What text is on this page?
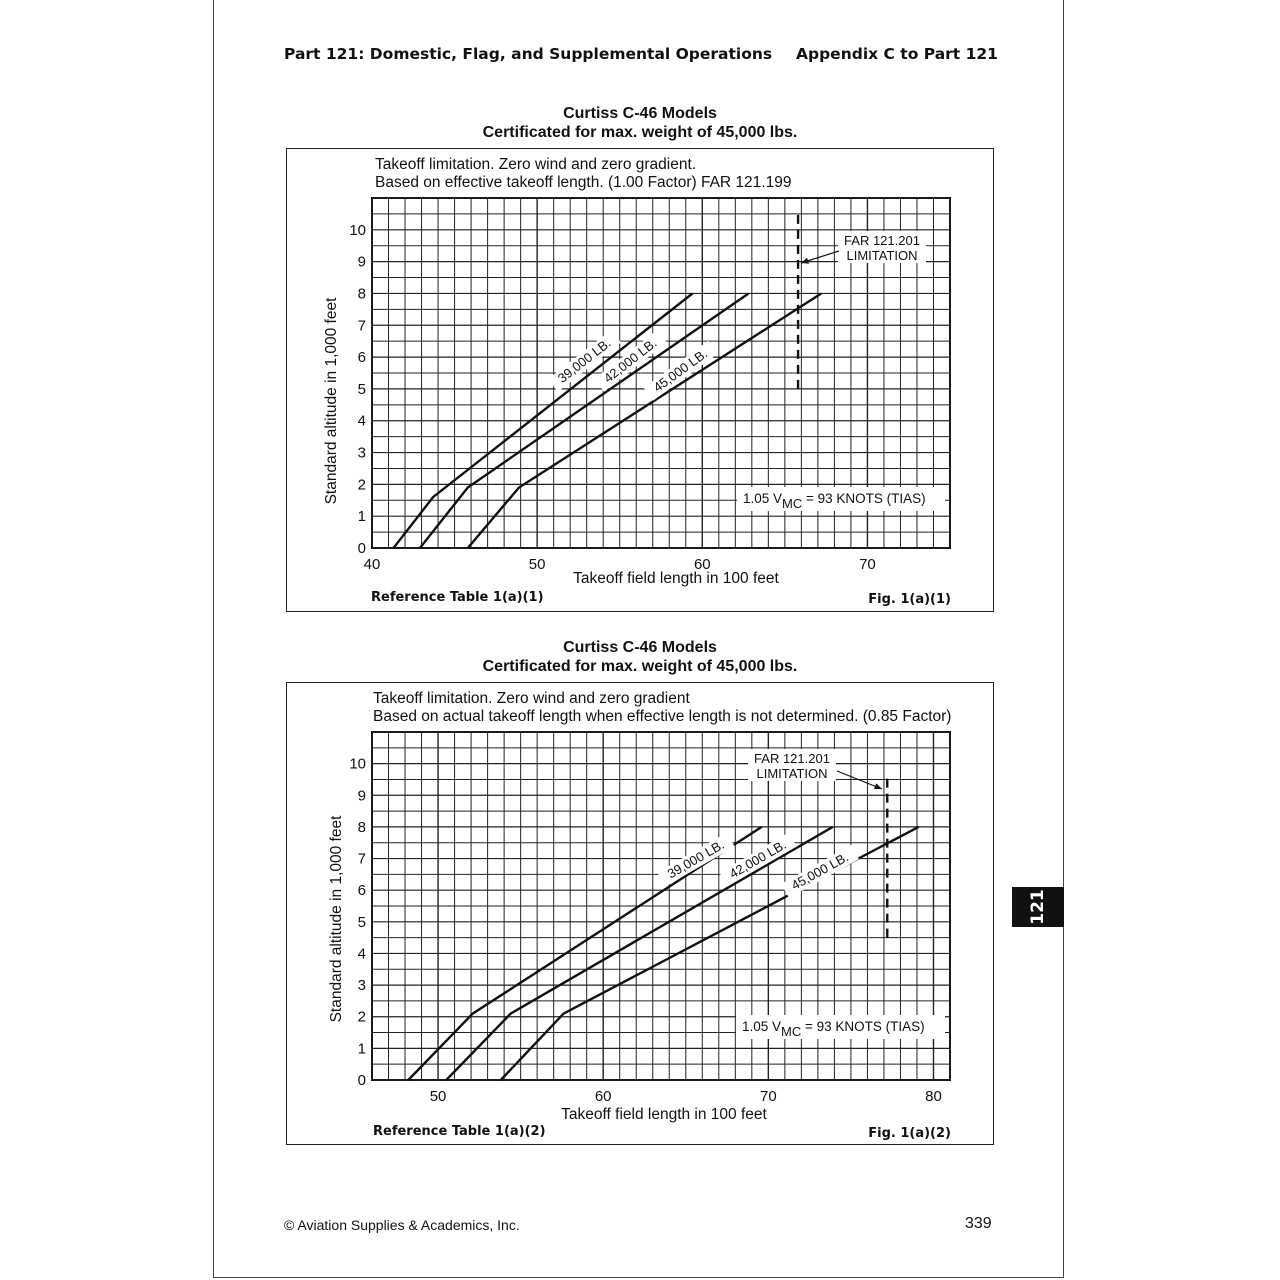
Part 121: Domestic, Flag, and Supplemental Operations Appendix C to Part 121
Curtiss C-46 Models
Certificated for max. weight of 45,000 lbs.
40	50	60	70
0
1
2
3
4
5
6
7
8
9
10
Takeoff field length in 100 feet
Standard altitude in 1,000 feet
Takeoff limitation. Zero wind and zero gradient.
Based on effective takeoff length. (1.00 Factor) FAR 121.199
39,000 LB.
42,000 LB.
45,000 LB.
FAR 121.201
LIMITATION
1.05 VMC = 93 KNOTS (TIAS)
Reference Table 1(a)(1)	Fig. 1(a)(1)
Curtiss C-46 Models
Certificated for max. weight of 45,000 lbs.
50	60	70	80
0
1
2
3
4
5
6
7
8
9
10
Takeoff field length in 100 feet
Standard altitude in 1,000 feet
Takeoff limitation. Zero wind and zero gradient
Based on actual takeoff length when effective length is not determined. (0.85 Factor)
39,000 LB. 42,000 LB. 45,000 LB.
FAR 121.201
LIMITATION
1.05 VMC = 93 KNOTS (TIAS)
Reference Table 1(a)(2)	Fig. 1(a)(2)
121
© Aviation Supplies & Academics, Inc.	339
